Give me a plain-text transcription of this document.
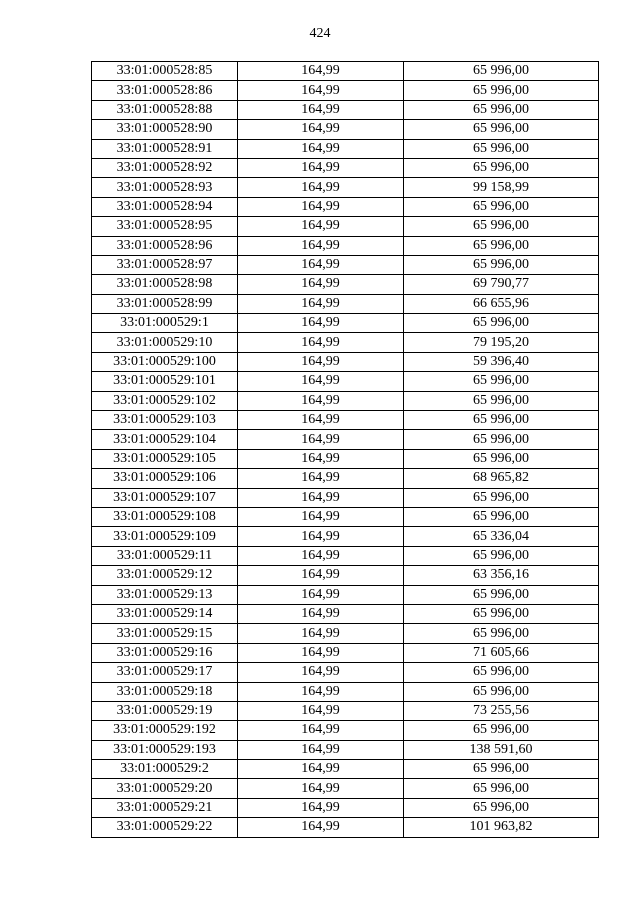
424
33:01:000528:85	164,99	65 996,00
33:01:000528:86	164,99	65 996,00
33:01:000528:88	164,99	65 996,00
33:01:000528:90	164,99	65 996,00
33:01:000528:91	164,99	65 996,00
33:01:000528:92	164,99	65 996,00
33:01:000528:93	164,99	99 158,99
33:01:000528:94	164,99	65 996,00
33:01:000528:95	164,99	65 996,00
33:01:000528:96	164,99	65 996,00
33:01:000528:97	164,99	65 996,00
33:01:000528:98	164,99	69 790,77
33:01:000528:99	164,99	66 655,96
33:01:000529:1	164,99	65 996,00
33:01:000529:10	164,99	79 195,20
33:01:000529:100	164,99	59 396,40
33:01:000529:101	164,99	65 996,00
33:01:000529:102	164,99	65 996,00
33:01:000529:103	164,99	65 996,00
33:01:000529:104	164,99	65 996,00
33:01:000529:105	164,99	65 996,00
33:01:000529:106	164,99	68 965,82
33:01:000529:107	164,99	65 996,00
33:01:000529:108	164,99	65 996,00
33:01:000529:109	164,99	65 336,04
33:01:000529:11	164,99	65 996,00
33:01:000529:12	164,99	63 356,16
33:01:000529:13	164,99	65 996,00
33:01:000529:14	164,99	65 996,00
33:01:000529:15	164,99	65 996,00
33:01:000529:16	164,99	71 605,66
33:01:000529:17	164,99	65 996,00
33:01:000529:18	164,99	65 996,00
33:01:000529:19	164,99	73 255,56
33:01:000529:192	164,99	65 996,00
33:01:000529:193	164,99	138 591,60
33:01:000529:2	164,99	65 996,00
33:01:000529:20	164,99	65 996,00
33:01:000529:21	164,99	65 996,00
33:01:000529:22	164,99	101 963,82
